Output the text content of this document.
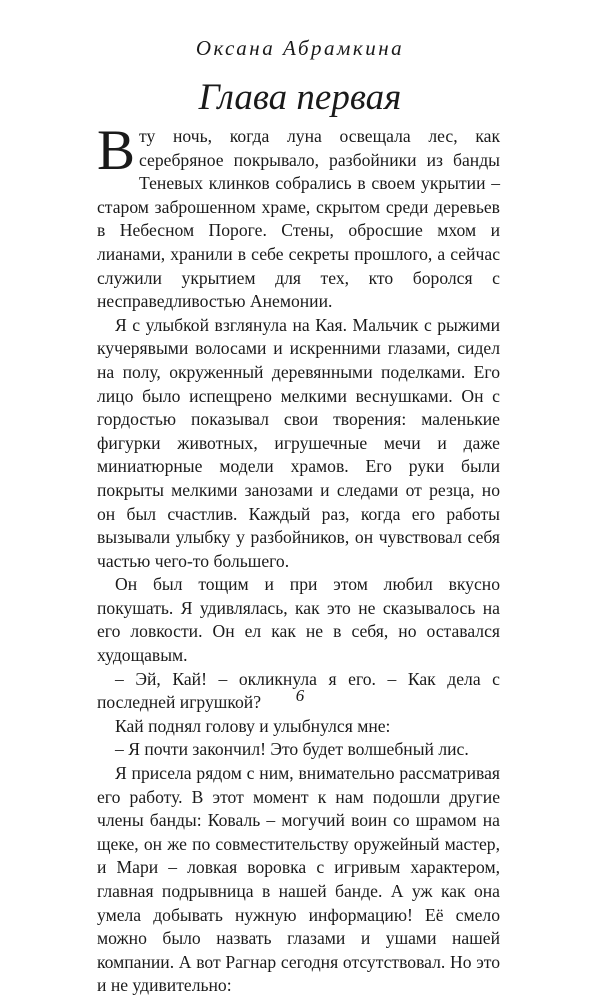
Оксана Абрамкина
Глава первая

Вту ночь, когда луна освещала лес, как серебряное покрывало, разбойники из банды Теневых клинков собрались в своем укрытии – старом заброшенном храме, скрытом среди деревьев в Небесном Пороге. Стены, обросшие мхом и лианами, хранили в себе секреты прошлого, а сейчас служили укрытием для тех, кто боролся с несправедливостью Анемонии.

Я с улыбкой взглянула на Кая. Мальчик с рыжими кучерявыми волосами и искренними глазами, сидел на полу, окруженный деревянными поделками. Его лицо было испещрено мелкими веснушками. Он с гордостью показывал свои творения: маленькие фигурки животных, игрушечные мечи и даже миниатюрные модели храмов. Его руки были покрыты мелкими занозами и следами от резца, но он был счастлив. Каждый раз, когда его работы вызывали улыбку у разбойников, он чувствовал себя частью чего-то большего.

Он был тощим и при этом любил вкусно покушать. Я удивлялась, как это не сказывалось на его ловкости. Он ел как не в себя, но оставался худощавым.

– Эй, Кай! – окликнула я его. – Как дела с последней игрушкой?

Кай поднял голову и улыбнулся мне:

– Я почти закончил! Это будет волшебный лис.

Я присела рядом с ним, внимательно рассматривая его работу. В этот момент к нам подошли другие члены банды: Коваль – могучий воин со шрамом на щеке, он же по совместительству оружейный мастер, и Мари – ловкая воровка с игривым характером, главная подрывница в нашей банде. А уж как она умела добывать нужную информацию! Её смело можно было назвать глазами и ушами нашей компании. А вот Рагнар сегодня отсутствовал. Но это и не удивительно:

6
